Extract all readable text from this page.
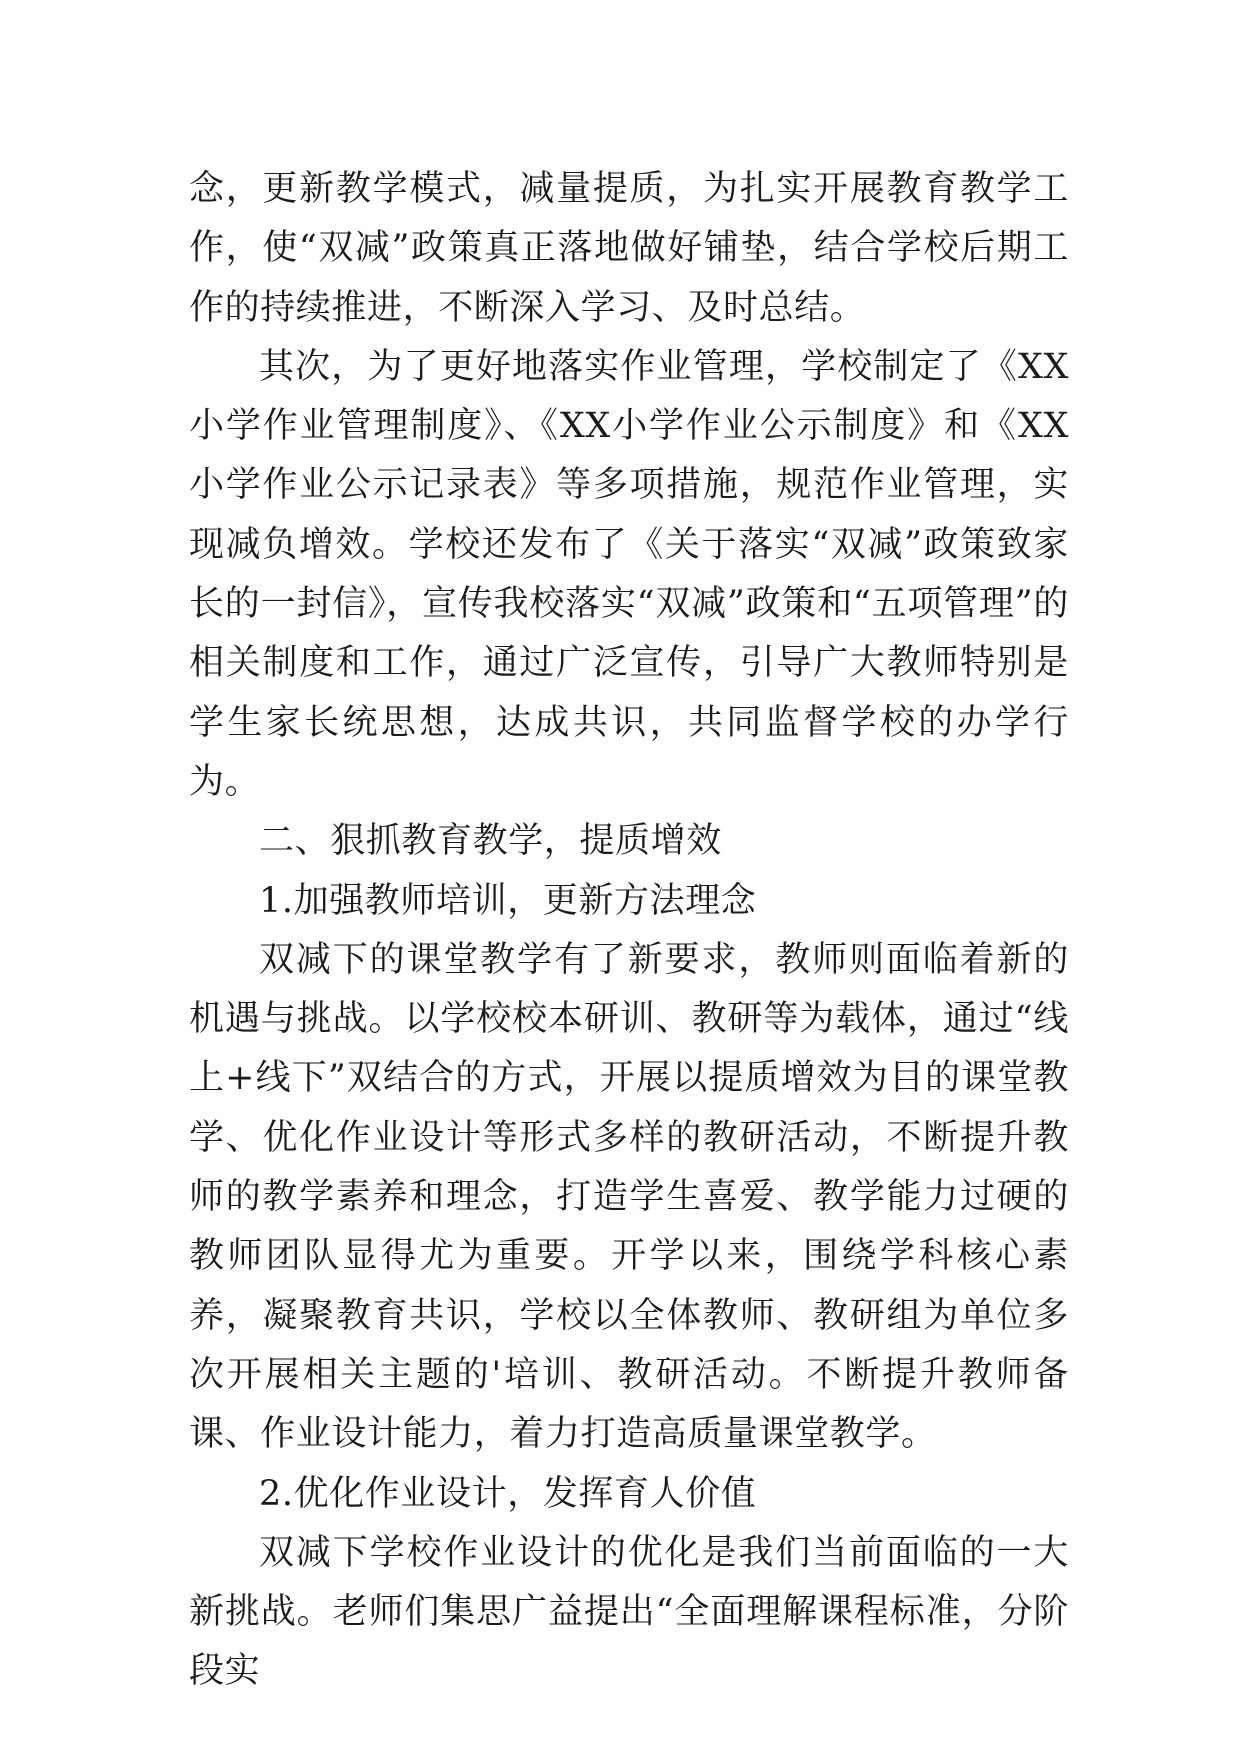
念，更新教学模式，减量提质，为扎实开展教育教学工作，使“双减”政策真正落地做好铺垫，结合学校后期工作的持续推进，不断深入学习、及时总结。

其次，为了更好地落实作业管理，学校制定了《XX小学作业管理制度》、《XX小学作业公示制度》和《XX小学作业公示记录表》等多项措施，规范作业管理，实现减负增效。学校还发布了《关于落实“双减”政策致家长的一封信》，宣传我校落实“双减”政策和“五项管理”的相关制度和工作，通过广泛宣传，引导广大教师特别是学生家长统思想，达成共识，共同监督学校的办学行为。

二、狠抓教育教学，提质增效

1.加强教师培训，更新方法理念

双减下的课堂教学有了新要求，教师则面临着新的机遇与挑战。以学校校本研训、教研等为载体，通过“线上+线下”双结合的方式，开展以提质增效为目的课堂教学、优化作业设计等形式多样的教研活动，不断提升教师的教学素养和理念，打造学生喜爱、教学能力过硬的教师团队显得尤为重要。开学以来，围绕学科核心素养，凝聚教育共识，学校以全体教师、教研组为单位多次开展相关主题的'培训、教研活动。不断提升教师备课、作业设计能力，着力打造高质量课堂教学。

2.优化作业设计，发挥育人价值

双减下学校作业设计的优化是我们当前面临的一大新挑战。老师们集思广益提出“全面理解课程标准，分阶段实
